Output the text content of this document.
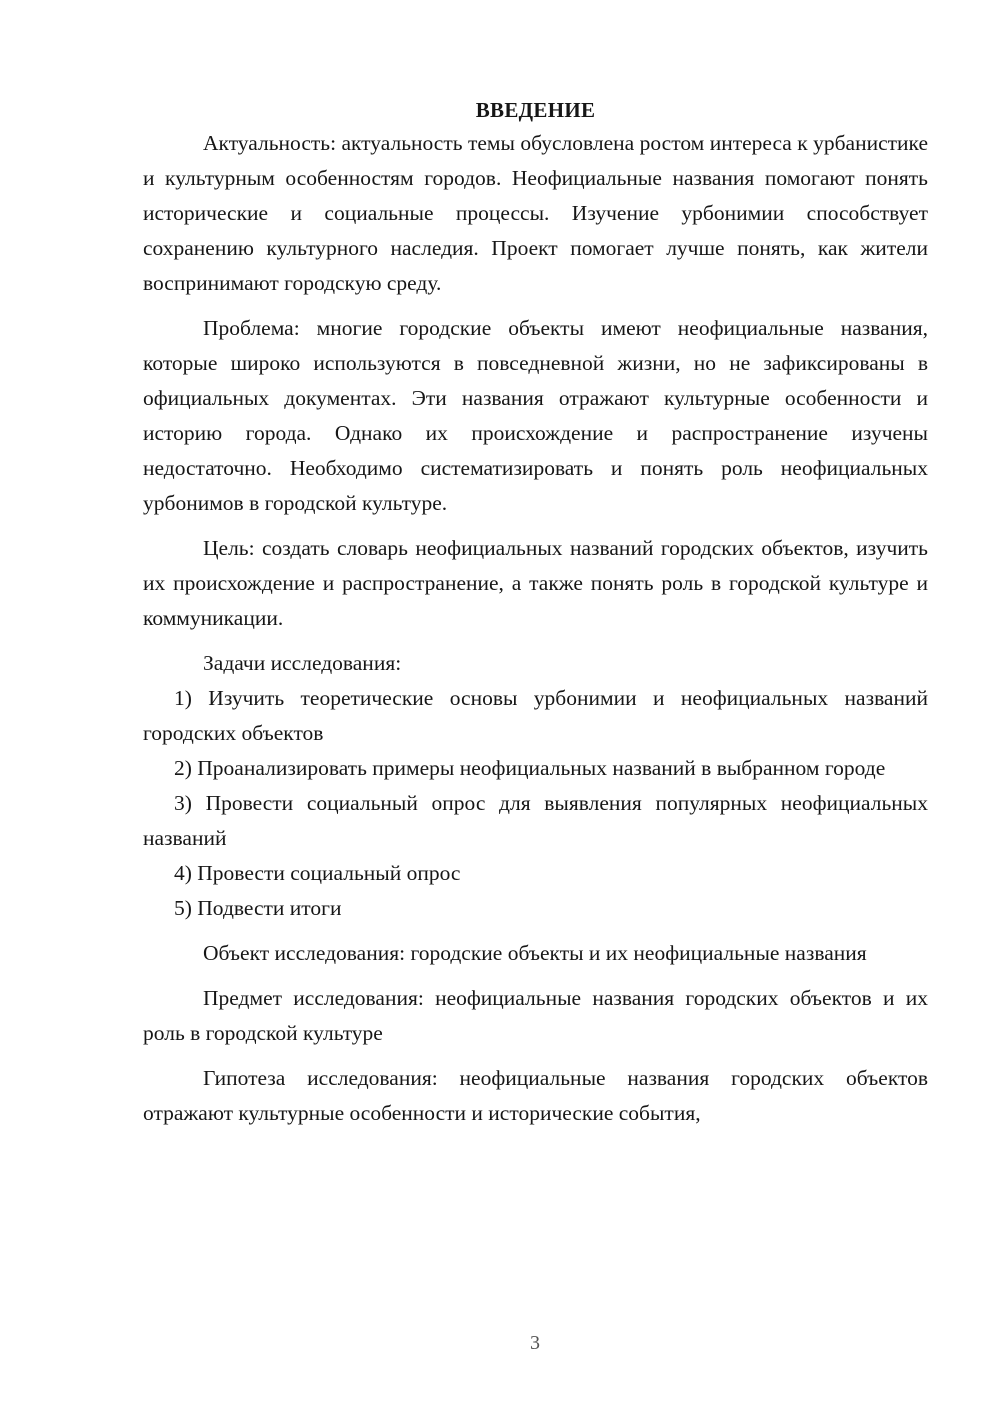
ВВЕДЕНИЕ

Актуальность: актуальность темы обусловлена ростом интереса к урбанистике и культурным особенностям городов. Неофициальные названия помогают понять исторические и социальные процессы. Изучение урбонимии способствует сохранению культурного наследия. Проект помогает лучше понять, как жители воспринимают городскую среду.

Проблема: многие городские объекты имеют неофициальные названия, которые широко используются в повседневной жизни, но не зафиксированы в официальных документах. Эти названия отражают культурные особенности и историю города. Однако их происхождение и распространение изучены недостаточно. Необходимо систематизировать и понять роль неофициальных урбонимов в городской культуре.

Цель: создать словарь неофициальных названий городских объектов, изучить их происхождение и распространение, а также понять роль в городской культуре и коммуникации.

Задачи исследования:

1) Изучить теоретические основы урбонимии и неофициальных названий городских объектов

2) Проанализировать примеры неофициальных названий в выбранном городе

3) Провести социальный опрос для выявления популярных неофициальных названий

4) Провести социальный опрос

5) Подвести итоги

Объект исследования: городские объекты и их неофициальные названия

Предмет исследования: неофициальные названия городских объектов и их роль в городской культуре

Гипотеза исследования: неофициальные названия городских объектов отражают культурные особенности и исторические события,

3
